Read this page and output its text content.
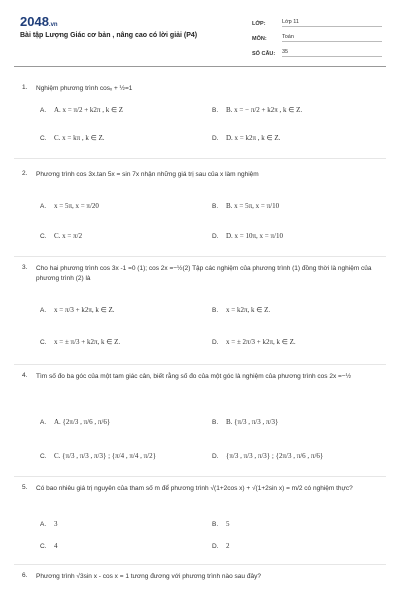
2048.vn
Bài tập Lượng Giác cơ bản , nâng cao có lời giải (P4)
LỚP:	Lớp 11
MÔN:	Toán
SỐ CÂU:	35
1. Nghiệm phương trình cosₓ + ½=1
A.	A. x = π/2 + k2π , k ∈ Z	B.	B. x = − π/2 + k2π , k ∈ Z.
C.	C. x = kπ , k ∈ Z.	D.	D. x = k2π , k ∈ Z.
2. Phương trình cos 3x.tan 5x = sin 7x nhận những giá trị sau của x làm nghiệm
A.	x = 5π, x = π/20	B.	B. x = 5π, x = π/10
C.	C. x = π/2	D.	D. x = 10π, x = π/10
3. Cho hai phương trình cos 3x -1 =0 (1); cos 2x =−½(2) Tập các nghiệm của phương trình (1) đồng thời là nghiệm của phương trình (2) là
A.	x = π/3 + k2π, k ∈ Z.	B.	x = k2π, k ∈ Z.
C.	x = ± π/3 + k2π, k ∈ Z.	D.	x = ± 2π/3 + k2π, k ∈ Z.
4. Tìm số đo ba góc của một tam giác cân, biết rằng số đo của một góc là nghiệm của phương trình cos 2x =−½
A.	A. {2π/3 , π/6 , π/6}	B.	B. {π/3 , π/3 , π/3}
C.	C. {π/3 , π/3 , π/3} ; {π/4 , π/4 , π/2}	D.	{π/3 , π/3 , π/3} ; {2π/3 , π/6 , π/6}
5. Có bao nhiêu giá trị nguyên của tham số m để phương trình √(1+2cos x) + √(1+2sin x) = m/2 có nghiệm thực?
A.	3	B.	5
C.	4	D.	2
6. Phương trình √3sin x - cos x = 1 tương đương với phương trình nào sau đây?
